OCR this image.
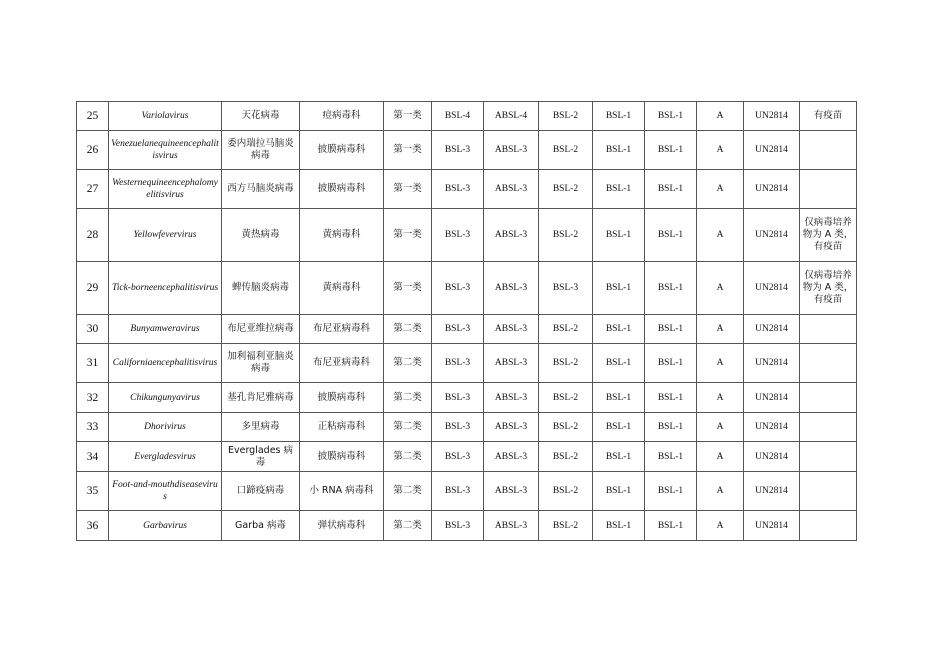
25	Variolavirus	天花病毒	痘病毒科	第一类	BSL-4	ABSL-4	BSL-2	BSL-1	BSL-1	A	UN2814	有疫苗
26	Venezuelanequineencephalitisvirus	委内瑞拉马脑炎病毒	披膜病毒科	第一类	BSL-3	ABSL-3	BSL-2	BSL-1	BSL-1	A	UN2814	
27	Westernequineencephalomyelitisvirus	西方马脑炎病毒	披膜病毒科	第一类	BSL-3	ABSL-3	BSL-2	BSL-1	BSL-1	A	UN2814	
28	Yellowfevervirus	黄热病毒	黄病毒科	第一类	BSL-3	ABSL-3	BSL-2	BSL-1	BSL-1	A	UN2814	仅病毒培养物为 A 类，有疫苗
29	Tick-borneencephalitisvirus	蜱传脑炎病毒	黄病毒科	第一类	BSL-3	ABSL-3	BSL-3	BSL-1	BSL-1	A	UN2814	仅病毒培养物为 A 类，有疫苗
30	Bunyamweravirus	布尼亚维拉病毒	布尼亚病毒科	第二类	BSL-3	ABSL-3	BSL-2	BSL-1	BSL-1	A	UN2814	
31	Californiaencephalitisvirus	加利福利亚脑炎病毒	布尼亚病毒科	第二类	BSL-3	ABSL-3	BSL-2	BSL-1	BSL-1	A	UN2814	
32	Chikungunyavirus	基孔肯尼雅病毒	披膜病毒科	第二类	BSL-3	ABSL-3	BSL-2	BSL-1	BSL-1	A	UN2814	
33	Dhorivirus	多里病毒	正粘病毒科	第二类	BSL-3	ABSL-3	BSL-2	BSL-1	BSL-1	A	UN2814	
34	Evergladesvirus	Everglades 病毒	披膜病毒科	第二类	BSL-3	ABSL-3	BSL-2	BSL-1	BSL-1	A	UN2814	
35	Foot-and-mouthdiseasevirus	口蹄疫病毒	小 RNA 病毒科	第二类	BSL-3	ABSL-3	BSL-2	BSL-1	BSL-1	A	UN2814	
36	Garbavirus	Garba 病毒	弹状病毒科	第二类	BSL-3	ABSL-3	BSL-2	BSL-1	BSL-1	A	UN2814	
